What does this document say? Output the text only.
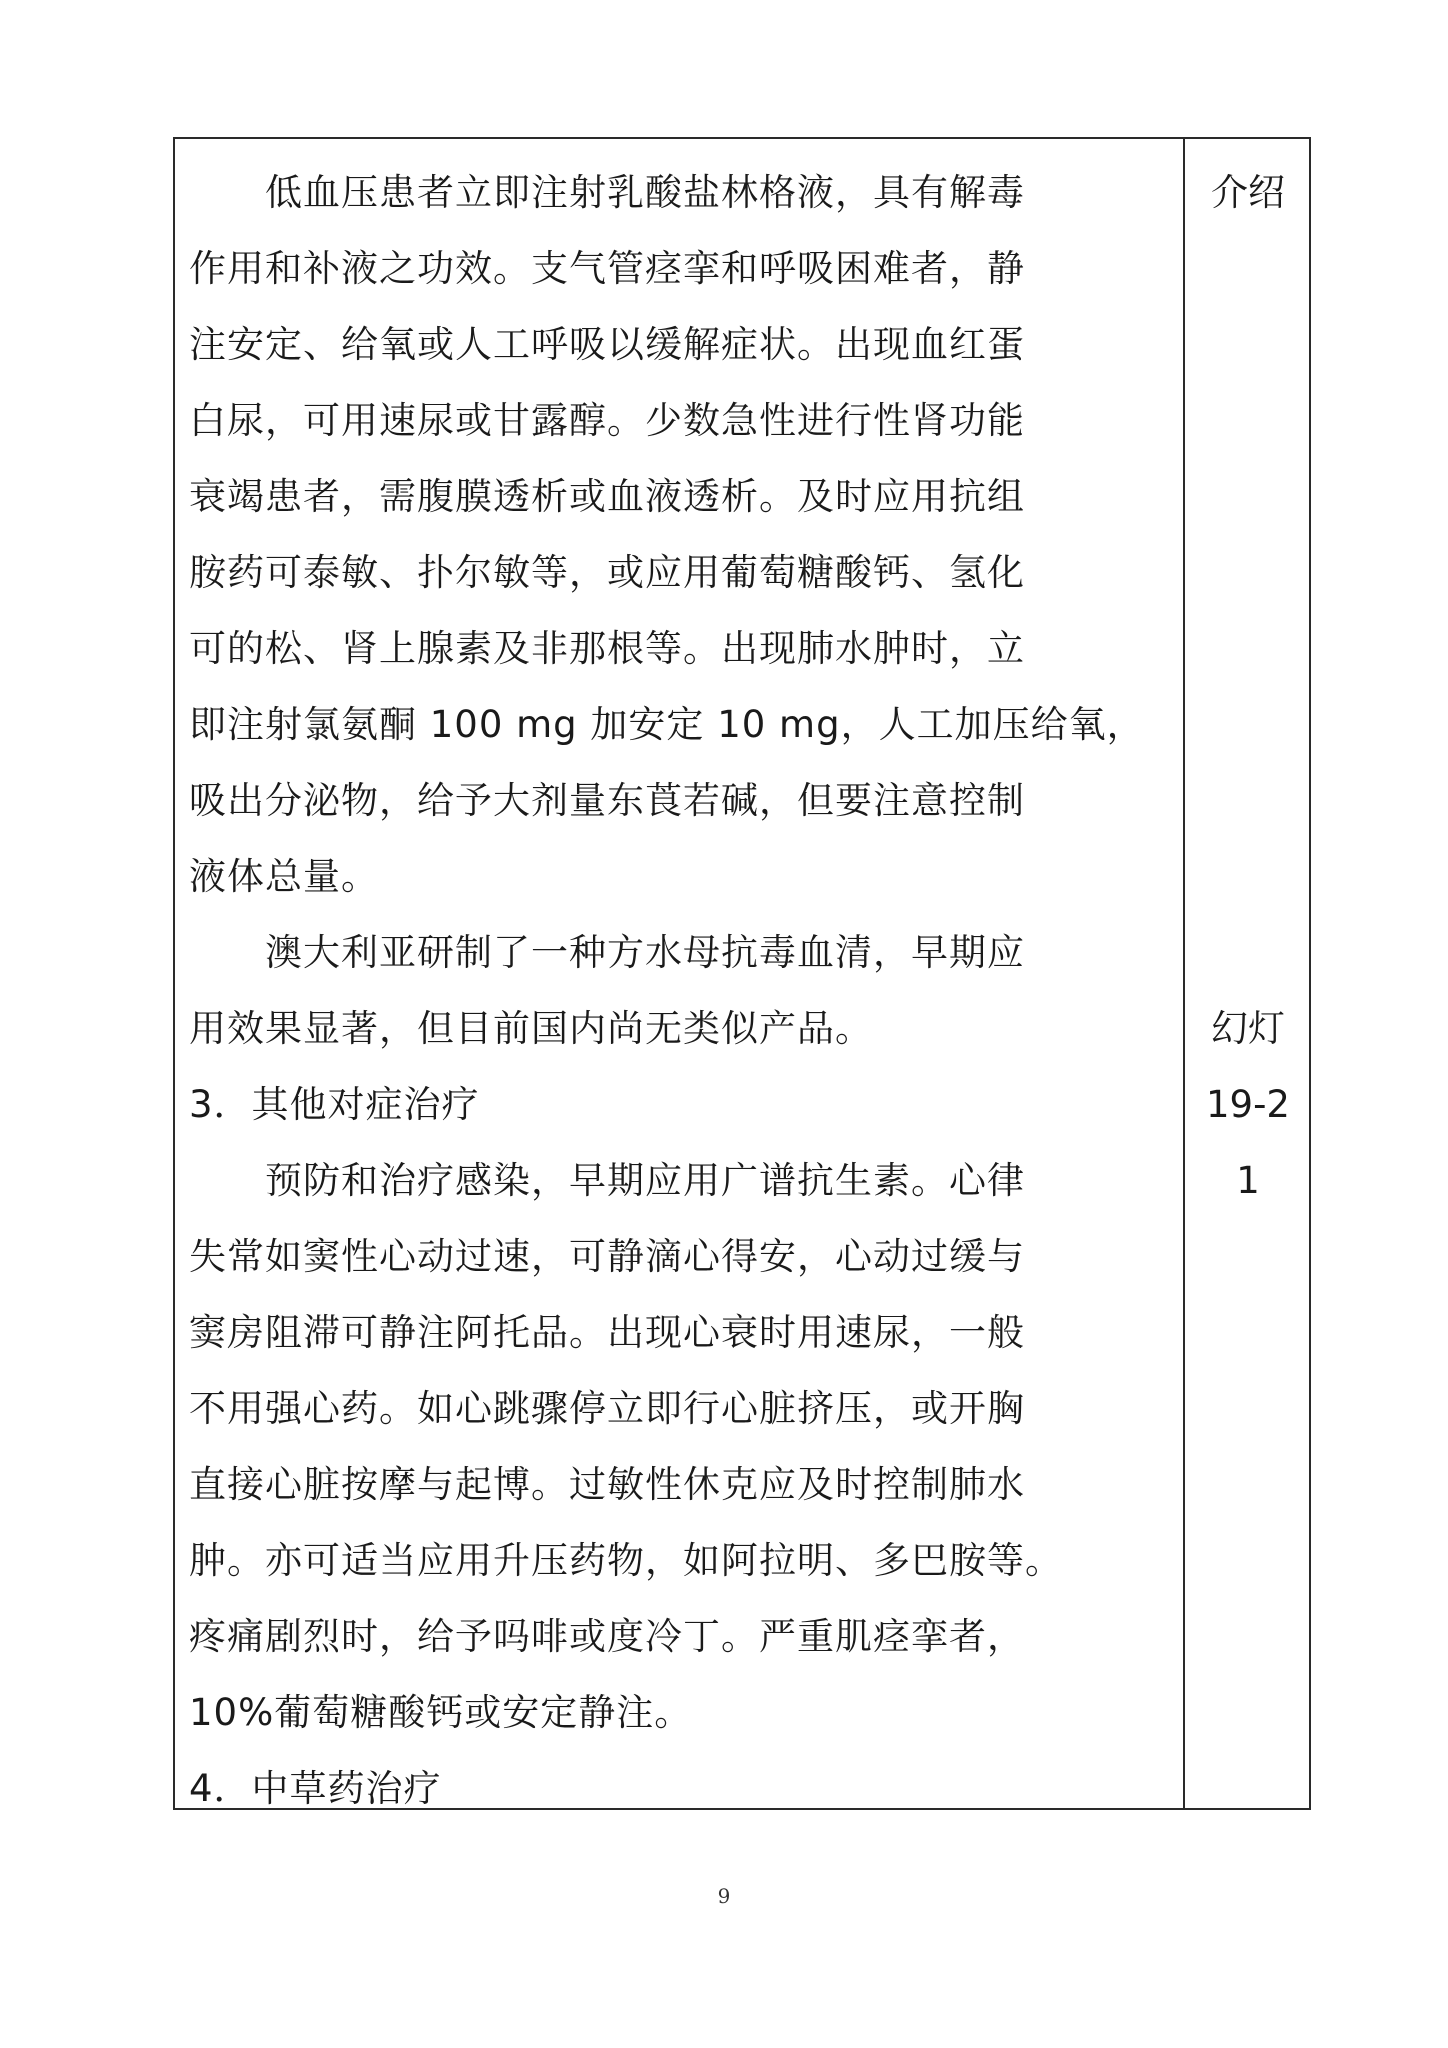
　　低血压患者立即注射乳酸盐林格液，具有解毒
作用和补液之功效。支气管痉挛和呼吸困难者，静
注安定、给氧或人工呼吸以缓解症状。出现血红蛋
白尿，可用速尿或甘露醇。少数急性进行性肾功能
衰竭患者，需腹膜透析或血液透析。及时应用抗组
胺药可泰敏、扑尔敏等，或应用葡萄糖酸钙、氢化
可的松、肾上腺素及非那根等。出现肺水肿时，立
即注射氯氨酮 100 mg 加安定 10 mg，人工加压给氧，
吸出分泌物，给予大剂量东莨若碱，但要注意控制
液体总量。
　　澳大利亚研制了一种方水母抗毒血清，早期应
用效果显著，但目前国内尚无类似产品。
3．其他对症治疗
　　预防和治疗感染，早期应用广谱抗生素。心律
失常如窦性心动过速，可静滴心得安，心动过缓与
窦房阻滞可静注阿托品。出现心衰时用速尿，一般
不用强心药。如心跳骤停立即行心脏挤压，或开胸
直接心脏按摩与起博。过敏性休克应及时控制肺水
肿。亦可适当应用升压药物，如阿拉明、多巴胺等。
疼痛剧烈时，给予吗啡或度冷丁。严重肌痉挛者，
10%葡萄糖酸钙或安定静注。
4．中草药治疗
介绍
幻灯
19-2
1
9
